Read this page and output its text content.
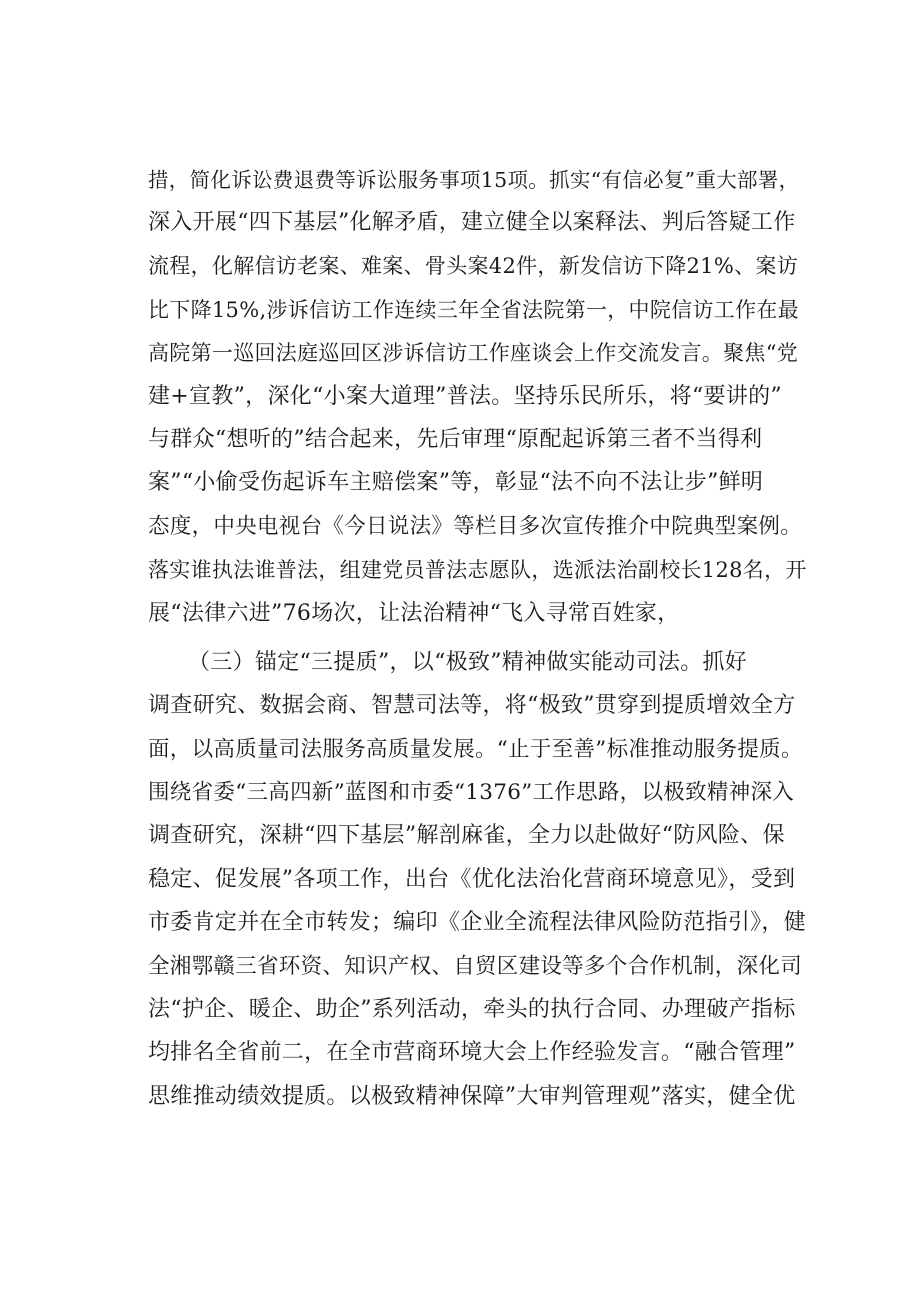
措，简化诉讼费退费等诉讼服务事项15项。抓实“有信必复”重大部署，
深入开展“四下基层”化解矛盾，建立健全以案释法、判后答疑工作
流程，化解信访老案、难案、骨头案42件，新发信访下降21%、案访
比下降15%,涉诉信访工作连续三年全省法院第一，中院信访工作在最
高院第一巡回法庭巡回区涉诉信访工作座谈会上作交流发言。聚焦“党
建+宣教”，深化“小案大道理”普法。坚持乐民所乐，将“要讲的”
与群众“想听的”结合起来，先后审理“原配起诉第三者不当得利
案”“小偷受伤起诉车主赔偿案”等，彰显“法不向不法让步”鲜明
态度，中央电视台《今日说法》等栏目多次宣传推介中院典型案例。
落实谁执法谁普法，组建党员普法志愿队，选派法治副校长128名，开
展“法律六进”76场次，让法治精神“飞入寻常百姓家，
（三）锚定“三提质”，以“极致”精神做实能动司法。抓好
调查研究、数据会商、智慧司法等，将“极致”贯穿到提质增效全方
面，以高质量司法服务高质量发展。“止于至善”标准推动服务提质。
围绕省委“三高四新”蓝图和市委“1376”工作思路，以极致精神深入
调查研究，深耕“四下基层”解剖麻雀，全力以赴做好“防风险、保
稳定、促发展”各项工作，出台《优化法治化营商环境意见》，受到
市委肯定并在全市转发；编印《企业全流程法律风险防范指引》，健
全湘鄂赣三省环资、知识产权、自贸区建设等多个合作机制，深化司
法“护企、暖企、助企”系列活动，牵头的执行合同、办理破产指标
均排名全省前二，在全市营商环境大会上作经验发言。“融合管理”
思维推动绩效提质。以极致精神保障”大审判管理观”落实，健全优
